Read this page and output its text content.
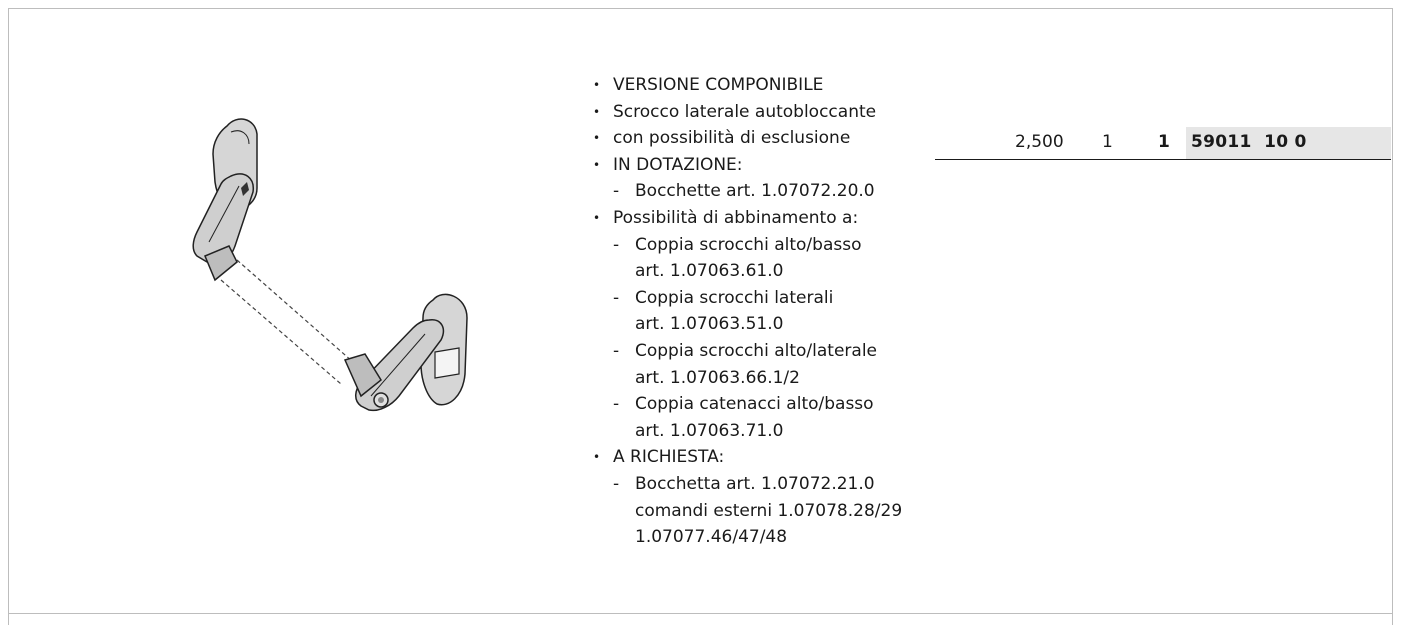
• VERSIONE COMPONIBILE
• Scrocco laterale autobloccante
• con possibilità di esclusione
• IN DOTAZIONE:
- Bocchette art. 1.07072.20.0
• Possibilità di abbinamento a:
- Coppia scrocchi alto/basso
art. 1.07063.61.0
- Coppia scrocchi laterali
art. 1.07063.51.0
- Coppia scrocchi alto/laterale
art. 1.07063.66.1/2
- Coppia catenacci alto/basso
art. 1.07063.71.0
• A RICHIESTA:
- Bocchetta art. 1.07072.21.0
comandi esterni 1.07078.28/29
1.07077.46/47/48
2,500 1	1 59011  10 0
